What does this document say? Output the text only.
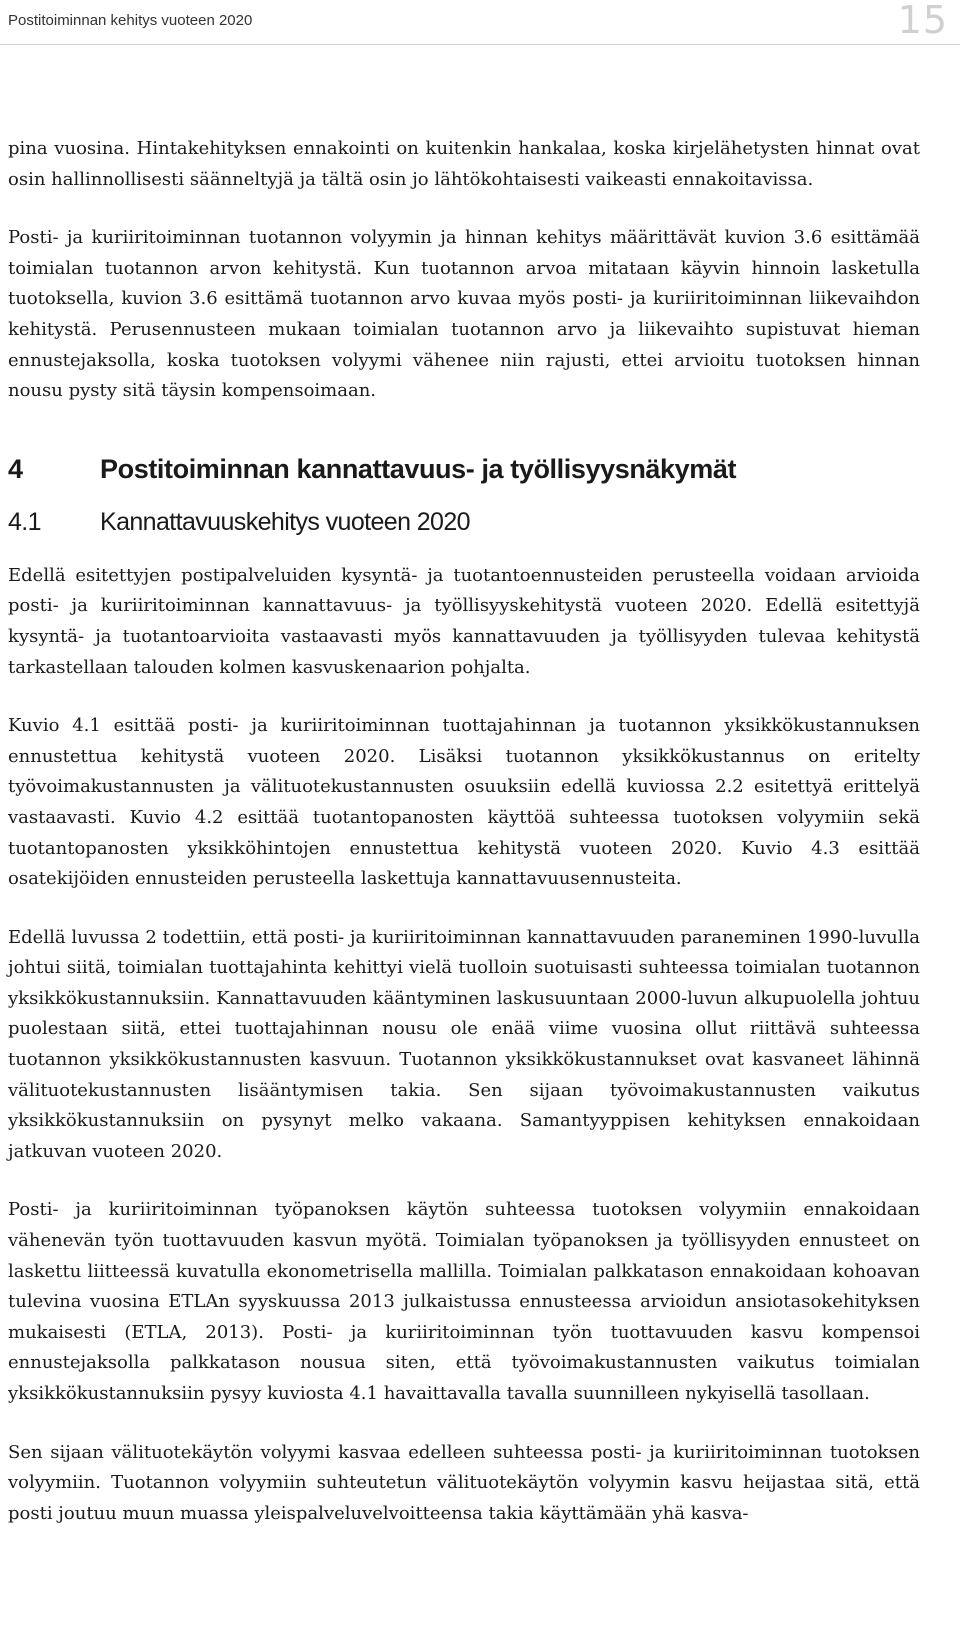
Postitoiminnan kehitys vuoteen 2020	15

pina vuosina. Hintakehityksen ennakointi on kuitenkin hankalaa, koska kirjelähetysten hinnat ovat osin hallinnollisesti säänneltyjä ja tältä osin jo lähtökohtaisesti vaikeasti ennakoitavissa.

Posti- ja kuriiritoiminnan tuotannon volyymin ja hinnan kehitys määrittävät kuvion 3.6 esittämää toimialan tuotannon arvon kehitystä. Kun tuotannon arvoa mitataan käyvin hinnoin lasketulla tuotoksella, kuvion 3.6 esittämä tuotannon arvo kuvaa myös posti- ja kuriiritoiminnan liikevaihdon kehitystä. Perusennusteen mukaan toimialan tuotannon arvo ja liikevaihto supistuvat hieman ennustejaksolla, koska tuotoksen volyymi vähenee niin rajusti, ettei arvioitu tuotoksen hinnan nousu pysty sitä täysin kompensoimaan.

4	Postitoiminnan kannattavuus- ja työllisyysnäkymät
4.1	Kannattavuuskehitys vuoteen 2020

Edellä esitettyjen postipalveluiden kysyntä- ja tuotantoennusteiden perusteella voidaan arvioida posti- ja kuriiritoiminnan kannattavuus- ja työllisyyskehitystä vuoteen 2020. Edellä esitettyjä kysyntä- ja tuotantoarvioita vastaavasti myös kannattavuuden ja työllisyyden tulevaa kehitystä tarkastellaan talouden kolmen kasvuskenaarion pohjalta.

Kuvio 4.1 esittää posti- ja kuriiritoiminnan tuottajahinnan ja tuotannon yksikkökustannuksen ennustettua kehitystä vuoteen 2020. Lisäksi tuotannon yksikkökustannus on eritelty työvoimakustannusten ja välituotekustannusten osuuksiin edellä kuviossa 2.2 esitettyä erittelyä vastaavasti. Kuvio 4.2 esittää tuotantopanosten käyttöä suhteessa tuotoksen volyymiin sekä tuotantopanosten yksikköhintojen ennustettua kehitystä vuoteen 2020. Kuvio 4.3 esittää osatekijöiden ennusteiden perusteella laskettuja kannattavuusennusteita.

Edellä luvussa 2 todettiin, että posti- ja kuriiritoiminnan kannattavuuden paraneminen 1990-luvulla johtui siitä, toimialan tuottajahinta kehittyi vielä tuolloin suotuisasti suhteessa toimialan tuotannon yksikkökustannuksiin. Kannattavuuden kääntyminen laskusuuntaan 2000-luvun alkupuolella johtuu puolestaan siitä, ettei tuottajahinnan nousu ole enää viime vuosina ollut riittävä suhteessa tuotannon yksikkökustannusten kasvuun. Tuotannon yksikkökustannukset ovat kasvaneet lähinnä välituotekustannusten lisääntymisen takia. Sen sijaan työvoimakustannusten vaikutus yksikkökustannuksiin on pysynyt melko vakaana. Samantyyppisen kehityksen ennakoidaan jatkuvan vuoteen 2020.

Posti- ja kuriiritoiminnan työpanoksen käytön suhteessa tuotoksen volyymiin ennakoidaan vähenevän työn tuottavuuden kasvun myötä. Toimialan työpanoksen ja työllisyyden ennusteet on laskettu liitteessä kuvatulla ekonometrisella mallilla. Toimialan palkkatason ennakoidaan kohoavan tulevina vuosina ETLAn syyskuussa 2013 julkaistussa ennusteessa arvioidun ansiotasokehityksen mukaisesti (ETLA, 2013). Posti- ja kuriiritoiminnan työn tuottavuuden kasvu kompensoi ennustejaksolla palkkatason nousua siten, että työvoimakustannusten vaikutus toimialan yksikkökustannuksiin pysyy kuviosta 4.1 havaittavalla tavalla suunnilleen nykyisellä tasollaan.

Sen sijaan välituotekäytön volyymi kasvaa edelleen suhteessa posti- ja kuriiritoiminnan tuotoksen volyymiin. Tuotannon volyymiin suhteutetun välituotekäytön volyymin kasvu heijastaa sitä, että posti joutuu muun muassa yleispalveluvelvoitteensa takia käyttämään yhä kasva-
